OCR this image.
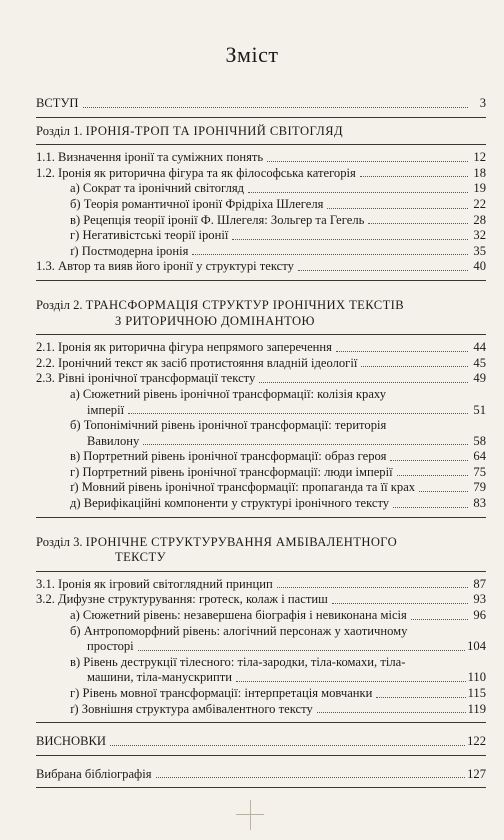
Зміст
ВСТУП	3
Розділ 1. ІРОНІЯ-ТРОП ТА ІРОНІЧНИЙ СВІТОГЛЯД
1.1. Визначення іронії та суміжних понять	12
1.2. Іронія як риторична фігура та як філософська категорія	18
а) Сократ та іронічний світогляд	19
б) Теорія романтичної іронії Фрідріха Шлегеля	22
в) Рецепція теорії іронії Ф. Шлегеля: Зольгер та Гегель	28
г) Негативістські теорії іронії	32
ґ) Постмодерна іронія	35
1.3. Автор та вияв його іронії у структурі тексту	40
Розділ 2. ТРАНСФОРМАЦІЯ СТРУКТУР ІРОНІЧНИХ ТЕКСТІВ
З РИТОРИЧНОЮ ДОМІНАНТОЮ
2.1. Іронія як риторична фігура непрямого заперечення	44
2.2. Іронічний текст як засіб протистояння владній ідеології	45
2.3. Рівні іронічної трансформації тексту	49
а) Сюжетний рівень іронічної трансформації: колізія краху
імперії	51
б) Топонімічний рівень іронічної трансформації: територія
Вавилону	58
в) Портретний рівень іронічної трансформації: образ героя	64
г) Портретний рівень іронічної трансформації: люди імперії	75
ґ) Мовний рівень іронічної трансформації: пропаганда та її крах	79
д) Верифікаційні компоненти у структурі іронічного тексту	83
Розділ 3. ІРОНІЧНЕ СТРУКТУРУВАННЯ АМБІВАЛЕНТНОГО
ТЕКСТУ
3.1. Іронія як ігровий світоглядний принцип	87
3.2. Дифузне структурування: гротеск, колаж і пастиш	93
а) Сюжетний рівень: незавершена біографія і невиконана місія	96
б) Антропоморфний рівень: алогічний персонаж у хаотичному
просторі	104
в) Рівень деструкції тілесного: тіла-зародки, тіла-комахи, тіла-
машини, тіла-манускрипти	110
г) Рівень мовної трансформації: інтерпретація мовчанки	115
ґ) Зовнішня структура амбівалентного тексту	119
ВИСНОВКИ	122
Вибрана бібліографія	127
